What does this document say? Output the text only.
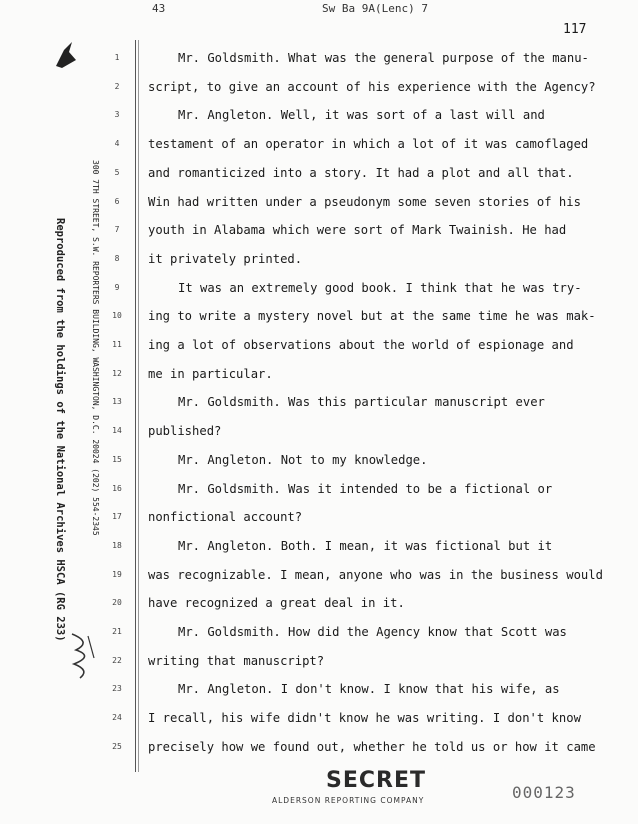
43	Sw Ba 9A(Lenc) 7
117
Reproduced from the holdings of the National Archives HSCA (RG 233)	300 7TH STREET, S.W. REPORTERS BUILDING, WASHINGTON, D.C. 20024 (202) 554-2345
1	Mr. Goldsmith. What was the general purpose of the manu-
2	script, to give an account of his experience with the Agency?
3	Mr. Angleton. Well, it was sort of a last will and
4	testament of an operator in which a lot of it was camoflaged
5	and romanticized into a story. It had a plot and all that.
6	Win had written under a pseudonym some seven stories of his
7	youth in Alabama which were sort of Mark Twainish. He had
8	it privately printed.
9	It was an extremely good book. I think that he was try-
10	ing to write a mystery novel but at the same time he was mak-
11	ing a lot of observations about the world of espionage and
12	me in particular.
13	Mr. Goldsmith. Was this particular manuscript ever
14	published?
15	Mr. Angleton. Not to my knowledge.
16	Mr. Goldsmith. Was it intended to be a fictional or
17	nonfictional account?
18	Mr. Angleton. Both. I mean, it was fictional but it
19	was recognizable. I mean, anyone who was in the business would
20	have recognized a great deal in it.
21	Mr. Goldsmith. How did the Agency know that Scott was
22	writing that manuscript?
23	Mr. Angleton. I don't know. I know that his wife, as
24	I recall, his wife didn't know he was writing. I don't know
25	precisely how we found out, whether he told us or how it came
SECRET
ALDERSON REPORTING COMPANY	000123
